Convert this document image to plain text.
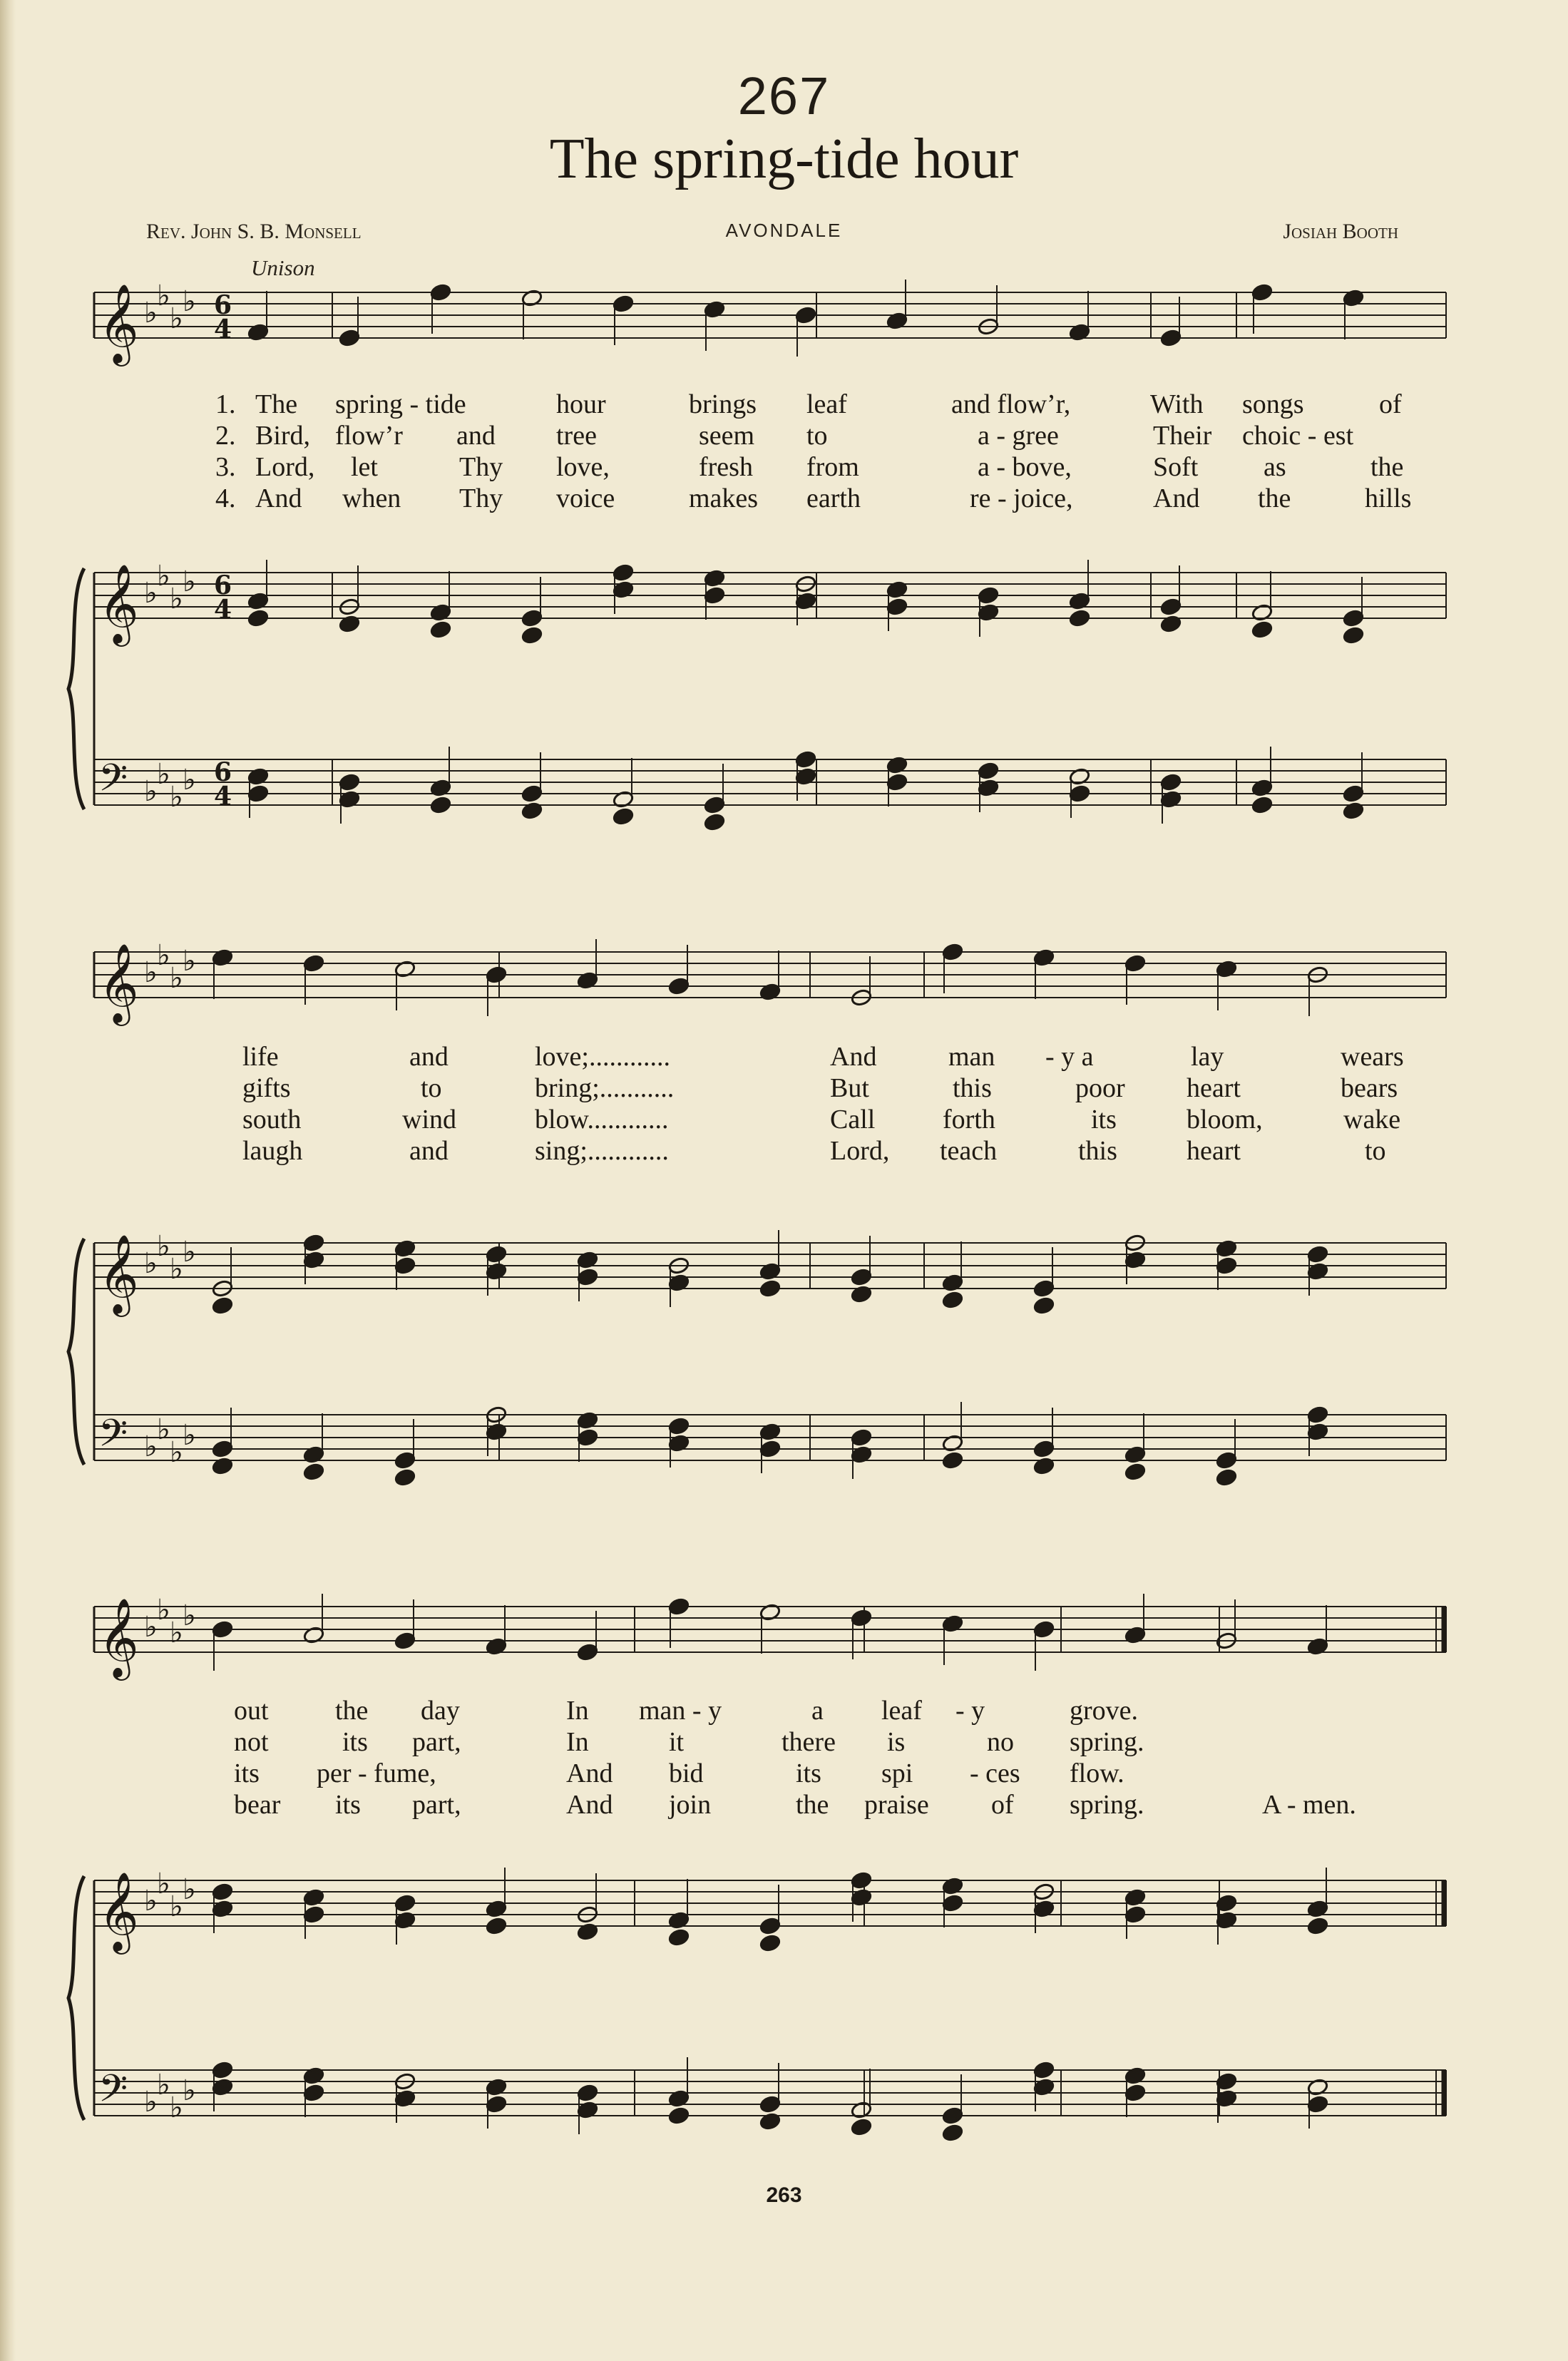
267
The spring-tide hour
Rev. John S. B. Monsell	AVONDALE	Josiah Booth
Unison
𝄞 ♭
♭
♭
♭ 6
4
𝄞 ♭
♭
♭
♭ 6
4
𝄢 ♭
♭
♭
♭ 6
4
𝄞 ♭
♭
♭
♭
𝄞 ♭
♭
♭
♭
𝄢 ♭
♭
♭
♭
𝄞 ♭
♭
♭
♭
𝄞 ♭
♭
♭
♭
𝄢 ♭
♭
♭
♭
1. The spring - tide	hour	brings leaf	and flow’r,	With songs	of
2. Bird, flow’r and tree	seem to	a - gree	Their choic - est
3. Lord, let	Thy love,	fresh from	a - bove,	Soft as	the
4. And when Thy voice	makes earth	re - joice,	And the	hills
life	and	love;............	And	man - y a	lay	wears
gifts	to	bring;...........	But	this	poor heart	bears
south	wind	blow............	Call forth	its	bloom,	wake
laugh	and	sing;............	Lord, teach	this	heart	to
out the day	In man - y	a leaf - y	grove.
not	its part,	In	it	there is	no spring.
its per - fume,	And bid	its spi - ces flow.
bear its part,	And join	the praise of spring.	A - men.
263
